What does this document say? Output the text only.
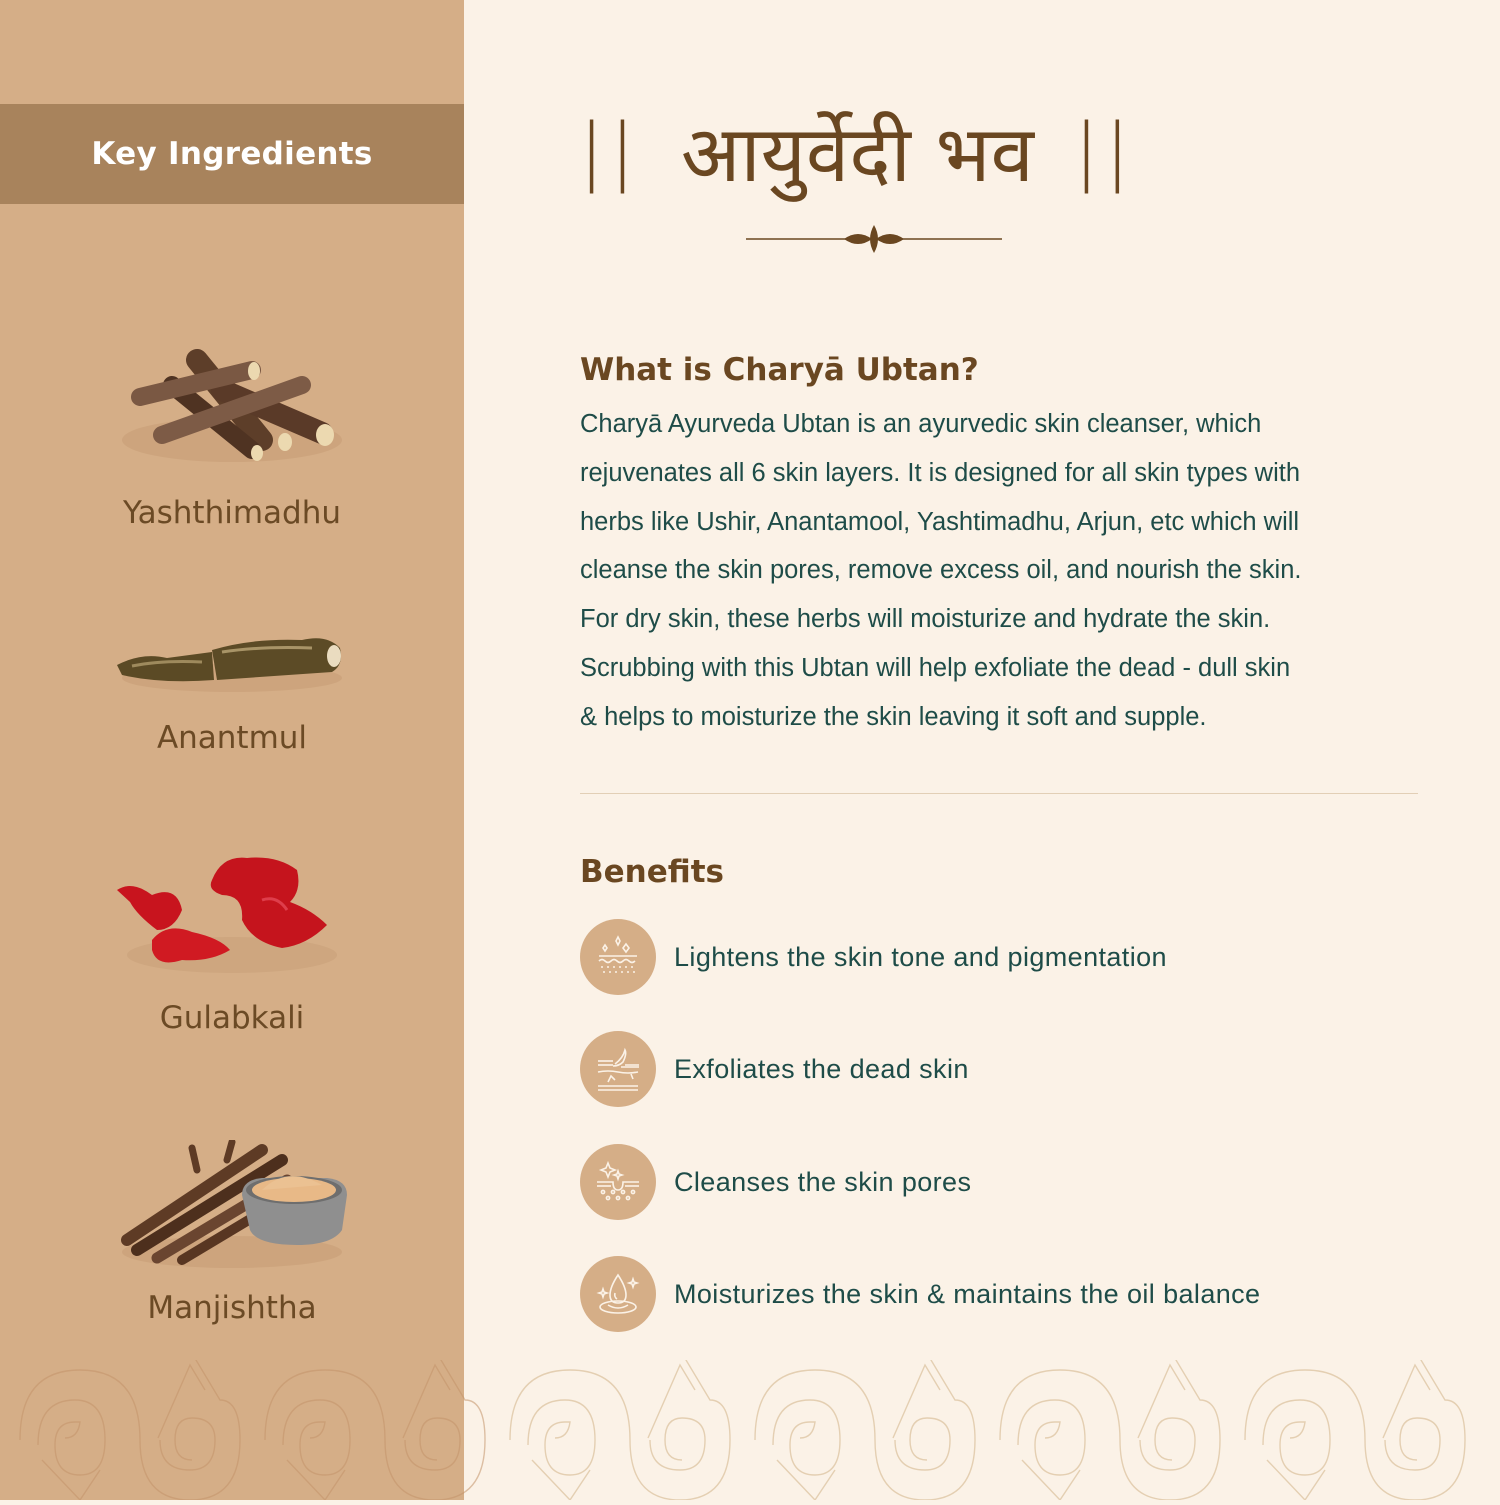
Key Ingredients
Yashthimadhu
Anantmul
Gulabkali
Manjishtha
|| आयुर्वेदी भव ||
What is Charyā Ubtan?

Charyā Ayurveda Ubtan is an ayurvedic skin cleanser, which

rejuvenates all 6 skin layers. It is designed for all skin types with

herbs like Ushir, Anantamool, Yashtimadhu, Arjun, etc which will

cleanse the skin pores, remove excess oil, and nourish the skin.

For dry skin, these herbs will moisturize and hydrate the skin.

Scrubbing with this Ubtan will help exfoliate the dead - dull skin

& helps to moisturize the skin leaving it soft and supple.

Benefits
Lightens the skin tone and pigmentation
Exfoliates the dead skin
Cleanses the skin pores
Moisturizes the skin & maintains the oil balance
